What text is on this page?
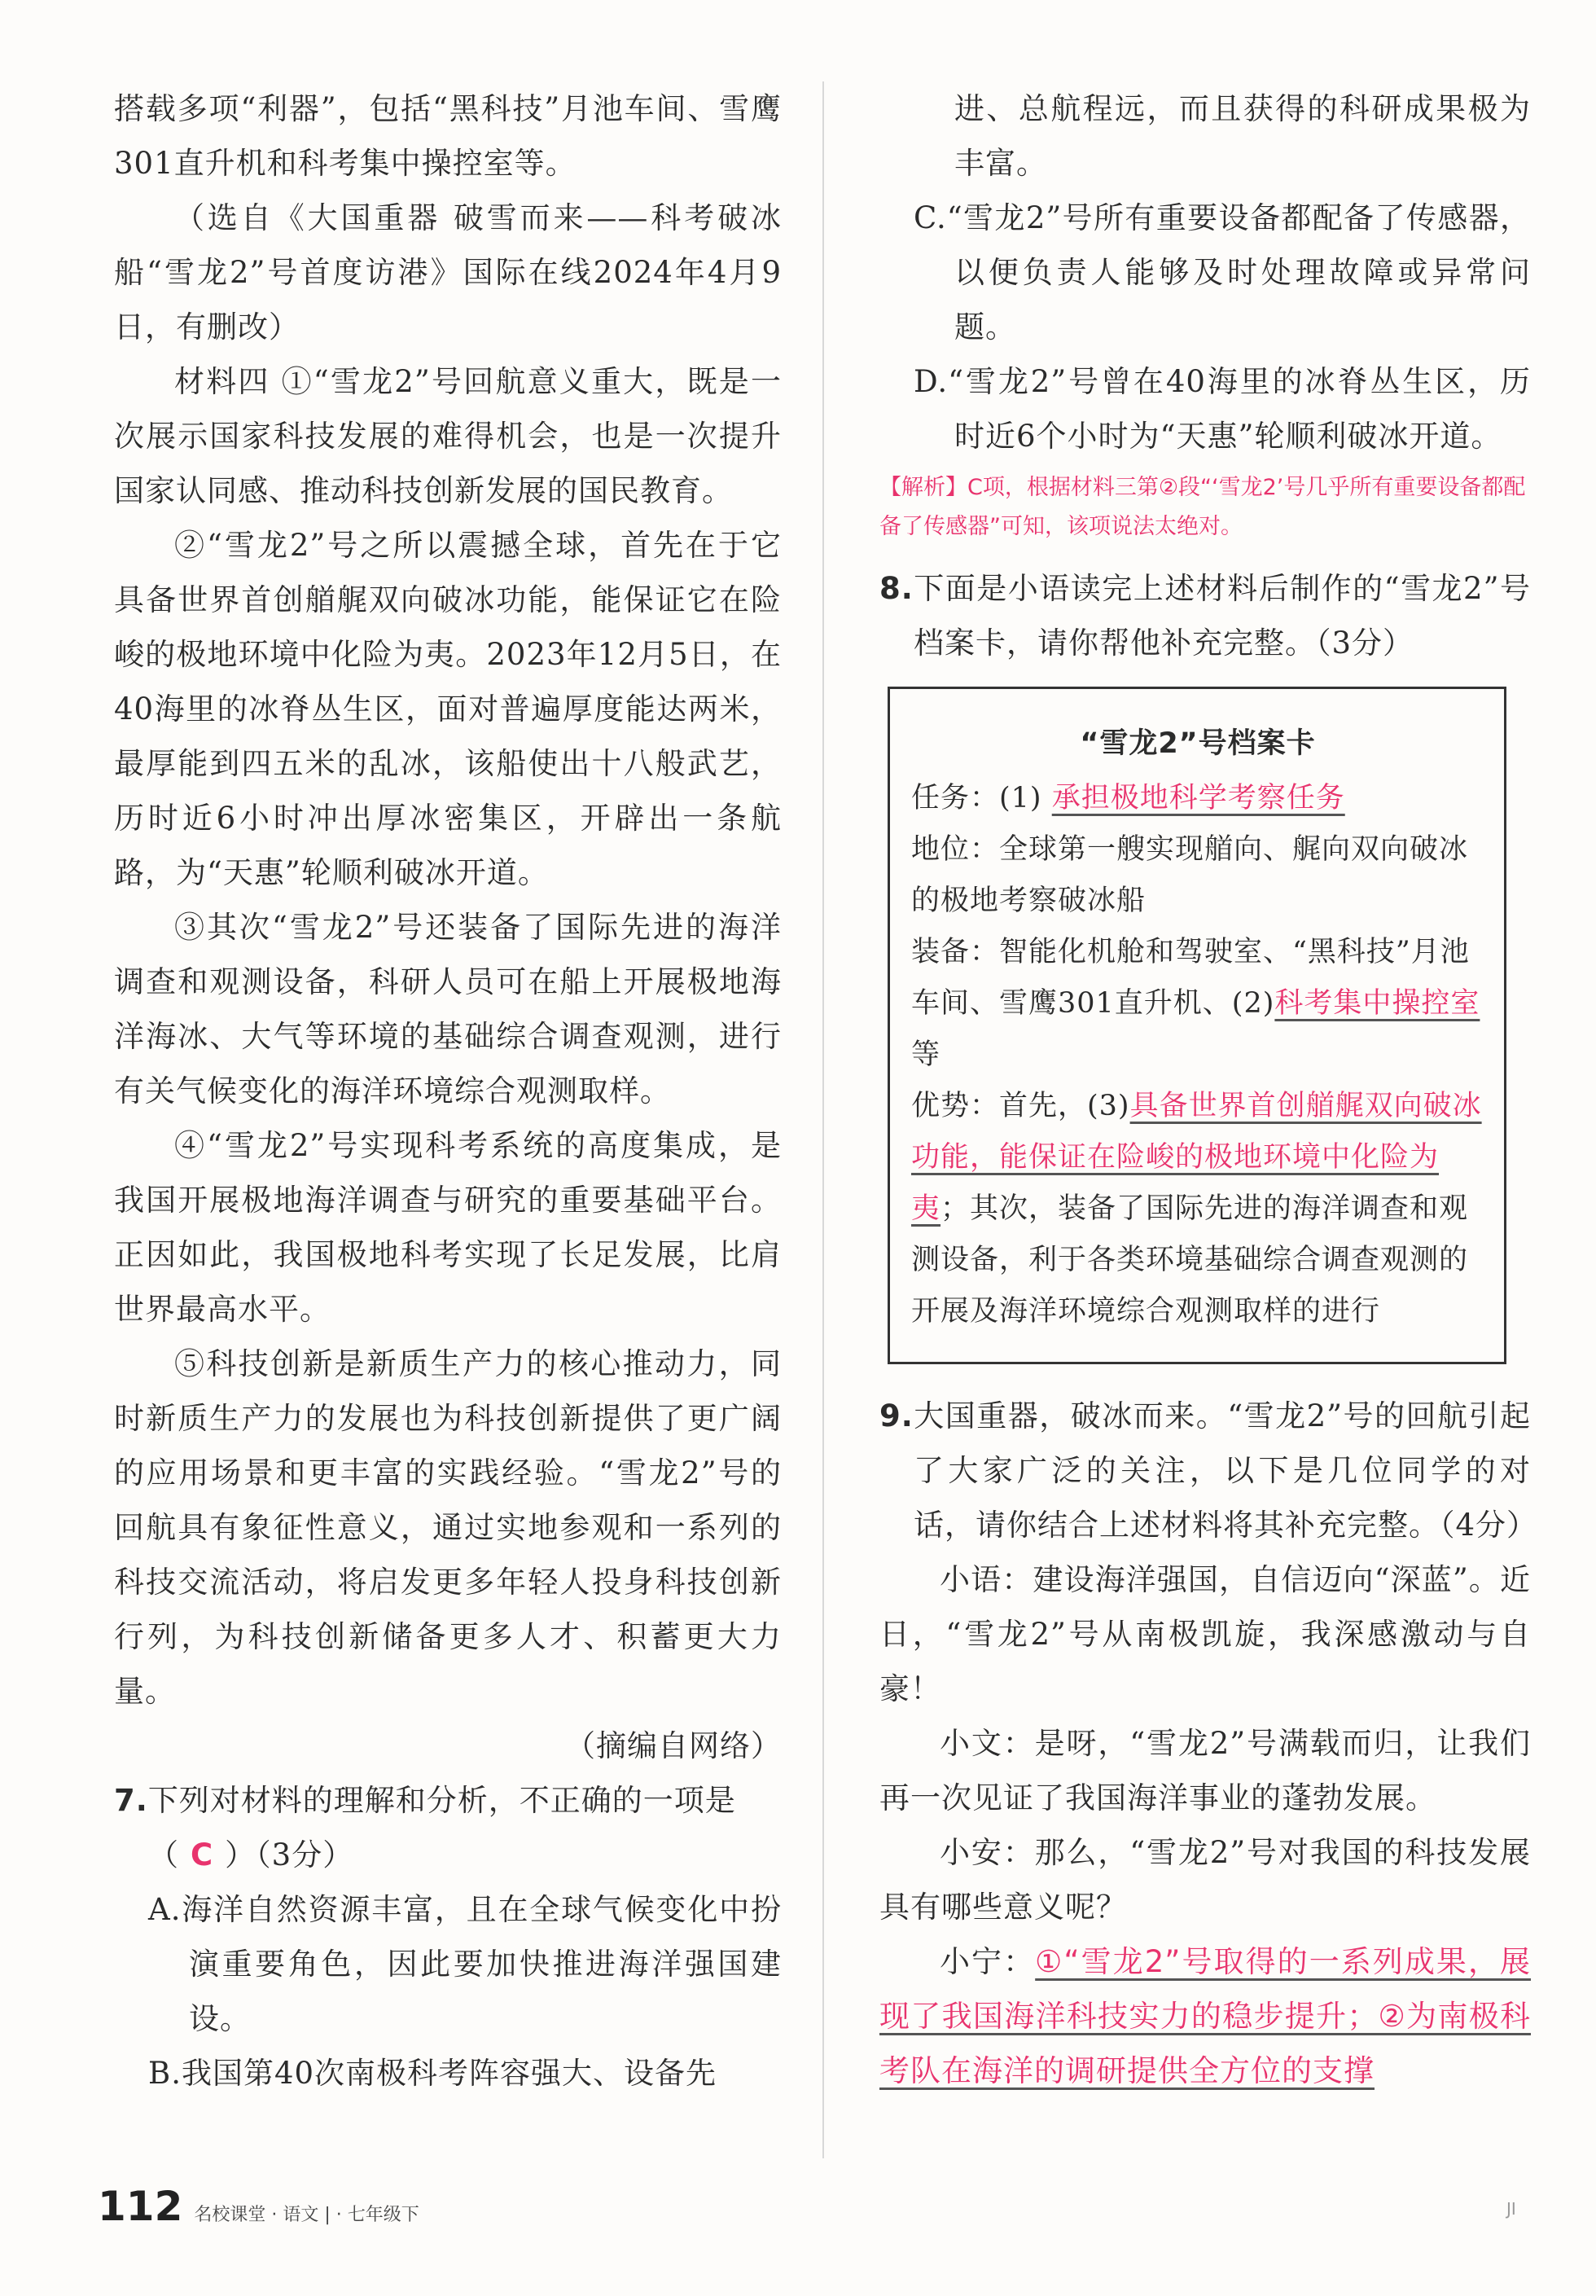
搭载多项“利器”，包括“黑科技”月池车间、雪鹰301直升机和科考集中操控室等。

（选自《大国重器 破雪而来——科考破冰船“雪龙2”号首度访港》国际在线2024年4月9日，有删改）

材料四 ①“雪龙2”号回航意义重大，既是一次展示国家科技发展的难得机会，也是一次提升国家认同感、推动科技创新发展的国民教育。

②“雪龙2”号之所以震撼全球，首先在于它具备世界首创艏艉双向破冰功能，能保证它在险峻的极地环境中化险为夷。2023年12月5日，在40海里的冰脊丛生区，面对普遍厚度能达两米，最厚能到四五米的乱冰，该船使出十八般武艺，历时近6小时冲出厚冰密集区，开辟出一条航路，为“天惠”轮顺利破冰开道。

③其次“雪龙2”号还装备了国际先进的海洋调查和观测设备，科研人员可在船上开展极地海洋海冰、大气等环境的基础综合调查观测，进行有关气候变化的海洋环境综合观测取样。

④“雪龙2”号实现科考系统的高度集成，是我国开展极地海洋调查与研究的重要基础平台。正因如此，我国极地科考实现了长足发展，比肩世界最高水平。

⑤科技创新是新质生产力的核心推动力，同时新质生产力的发展也为科技创新提供了更广阔的应用场景和更丰富的实践经验。“雪龙2”号的回航具有象征性意义，通过实地参观和一系列的科技交流活动，将启发更多年轻人投身科技创新行列，为科技创新储备更多人才、积蓄更大力量。

（摘编自网络）

7.下列对材料的理解和分析，不正确的一项是
（ C ）（3分）

A.海洋自然资源丰富，且在全球气候变化中扮演重要角色，因此要加快推进海洋强国建设。

B.我国第40次南极科考阵容强大、设备先

进、总航程远，而且获得的科研成果极为丰富。

C.“雪龙2”号所有重要设备都配备了传感器，以便负责人能够及时处理故障或异常问题。

D.“雪龙2”号曾在40海里的冰脊丛生区，历时近6个小时为“天惠”轮顺利破冰开道。

【解析】C项，根据材料三第②段“‘雪龙2’号几乎所有重要设备都配备了传感器”可知，该项说法太绝对。

8.下面是小语读完上述材料后制作的“雪龙2”号档案卡，请你帮他补充完整。（3分）

“雪龙2”号档案卡

任务：(1) 承担极地科学考察任务

地位：全球第一艘实现艏向、艉向双向破冰的极地考察破冰船

装备：智能化机舱和驾驶室、“黑科技”月池车间、雪鹰301直升机、(2)科考集中操控室等

优势：首先，(3)具备世界首创艏艉双向破冰功能，能保证在险峻的极地环境中化险为夷；其次，装备了国际先进的海洋调查和观测设备，利于各类环境基础综合调查观测的开展及海洋环境综合观测取样的进行

9.大国重器，破冰而来。“雪龙2”号的回航引起了大家广泛的关注，以下是几位同学的对话，请你结合上述材料将其补充完整。（4分）

小语：建设海洋强国，自信迈向“深蓝”。近日，“雪龙2”号从南极凯旋，我深感激动与自豪！

小文：是呀，“雪龙2”号满载而归，让我们再一次见证了我国海洋事业的蓬勃发展。

小安：那么，“雪龙2”号对我国的科技发展具有哪些意义呢？

小宁：①“雪龙2”号取得的一系列成果，展现了我国海洋科技实力的稳步提升；②为南极科考队在海洋的调研提供全方位的支撑

112 名校课堂 · 语文 | · 七年级下	JI
